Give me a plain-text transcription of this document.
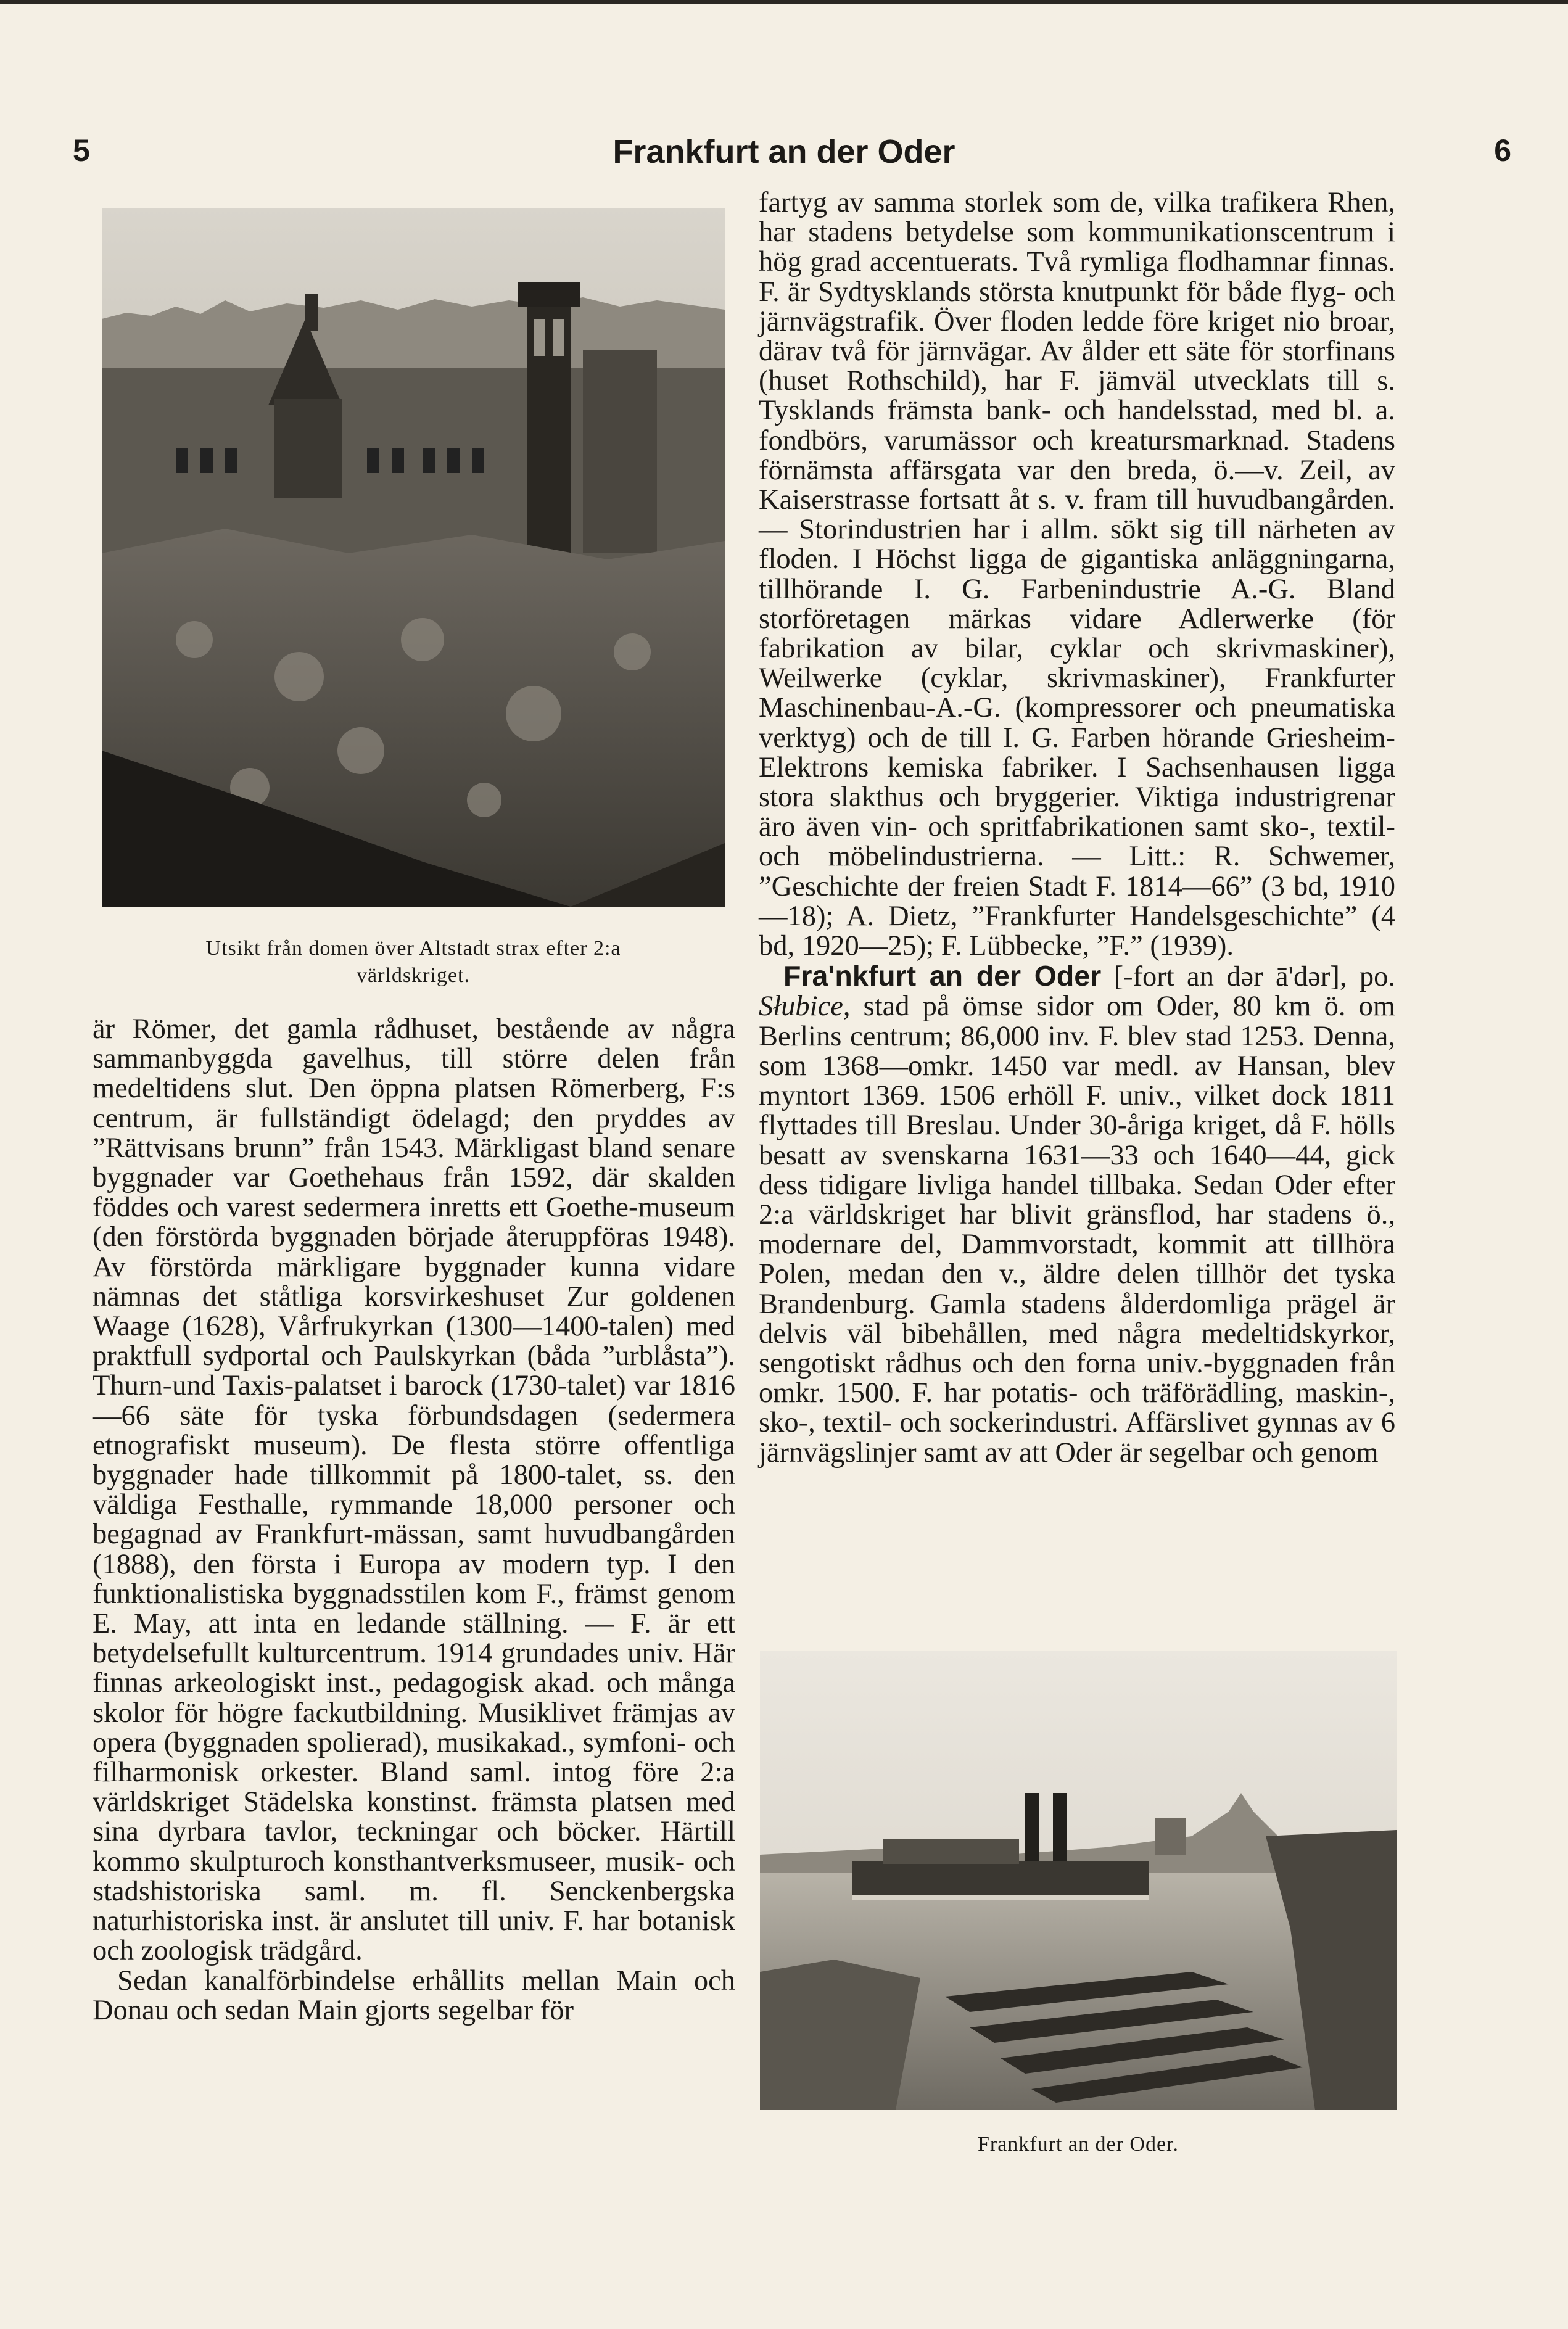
5	Frankfurt an der Oder	6
Utsikt från domen över Altstadt strax efter 2:a
världskriget.

är Römer, det gamla rådhuset, bestående av några sammanbyggda gavelhus, till större delen från medeltidens slut. Den öppna platsen Römerberg, F:s centrum, är fullständigt ödelagd; den pryddes av ”Rättvisans brunn” från 1543. Märkligast bland senare byggnader var Goethehaus från 1592, där skalden föddes och varest sedermera inretts ett Goethe-museum (den förstörda byggnaden började återuppföras 1948). Av förstörda märkligare byggnader kunna vidare nämnas det ståtliga korsvirkeshuset Zur goldenen Waage (1628), Vårfrukyrkan (1300—1400-talen) med praktfull sydportal och Paulskyrkan (båda ”urblåsta”). Thurn-und Taxis-palatset i barock (1730-talet) var 1816—66 säte för tyska förbundsdagen (sedermera etnografiskt museum). De flesta större offentliga byggnader hade tillkommit på 1800-talet, ss. den väldiga Festhalle, rymmande 18,000 personer och begagnad av Frankfurt-mässan, samt huvudbangården (1888), den första i Europa av modern typ. I den funktionalistiska byggnadsstilen kom F., främst genom E. May, att inta en ledande ställning. — F. är ett betydelsefullt kulturcentrum. 1914 grundades univ. Här finnas arkeologiskt inst., pedagogisk akad. och många skolor för högre fackutbildning. Musiklivet främjas av opera (byggnaden spolierad), musikakad., symfoni- och filharmonisk orkester. Bland saml. intog före 2:a världskriget Städelska konstinst. främsta platsen med sina dyrbara tavlor, teckningar och böcker. Härtill kommo skulpturoch konsthantverksmuseer, musik- och stadshistoriska saml. m. fl. Senckenbergska naturhistoriska inst. är anslutet till univ. F. har botanisk och zoologisk trädgård.

Sedan kanalförbindelse erhållits mellan Main och Donau och sedan Main gjorts segelbar för

fartyg av samma storlek som de, vilka trafikera Rhen, har stadens betydelse som kommunikationscentrum i hög grad accentuerats. Två rymliga flodhamnar finnas. F. är Sydtysklands största knutpunkt för både flyg- och järnvägstrafik. Över floden ledde före kriget nio broar, därav två för järnvägar. Av ålder ett säte för storfinans (huset Rothschild), har F. jämväl utvecklats till s. Tysklands främsta bank- och handelsstad, med bl. a. fondbörs, varumässor och kreatursmarknad. Stadens förnämsta affärsgata var den breda, ö.—v. Zeil, av Kaiserstrasse fortsatt åt s. v. fram till huvudbangården. — Storindustrien har i allm. sökt sig till närheten av floden. I Höchst ligga de gigantiska anläggningarna, tillhörande I. G. Farbenindustrie A.-G. Bland storföretagen märkas vidare Adlerwerke (för fabrikation av bilar, cyklar och skrivmaskiner), Weilwerke (cyklar, skrivmaskiner), Frankfurter Maschinenbau-A.-G. (kompressorer och pneumatiska verktyg) och de till I. G. Farben hörande Griesheim-Elektrons kemiska fabriker. I Sachsenhausen ligga stora slakthus och bryggerier. Viktiga industrigrenar äro även vin- och spritfabrikationen samt sko-, textil- och möbelindustrierna. — Litt.: R. Schwemer, ”Geschichte der freien Stadt F. 1814—66” (3 bd, 1910—18); A. Dietz, ”Frankfurter Handelsgeschichte” (4 bd, 1920—25); F. Lübbecke, ”F.” (1939).

Fra'nkfurt an der Oder [-fort an dər ā'dər], po. Słubice, stad på ömse sidor om Oder, 80 km ö. om Berlins centrum; 86,000 inv. F. blev stad 1253. Denna, som 1368—omkr. 1450 var medl. av Hansan, blev myntort 1369. 1506 erhöll F. univ., vilket dock 1811 flyttades till Breslau. Under 30-åriga kriget, då F. hölls besatt av svenskarna 1631—33 och 1640—44, gick dess tidigare livliga handel tillbaka. Sedan Oder efter 2:a världskriget har blivit gränsflod, har stadens ö., modernare del, Dammvorstadt, kommit att tillhöra Polen, medan den v., äldre delen tillhör det tyska Brandenburg. Gamla stadens ålderdomliga prägel är delvis väl bibehållen, med några medeltidskyrkor, sengotiskt rådhus och den forna univ.-byggnaden från omkr. 1500. F. har potatis- och träförädling, maskin-, sko-, textil- och sockerindustri. Affärslivet gynnas av 6 järnvägslinjer samt av att Oder är segelbar och genom

Frankfurt an der Oder.
